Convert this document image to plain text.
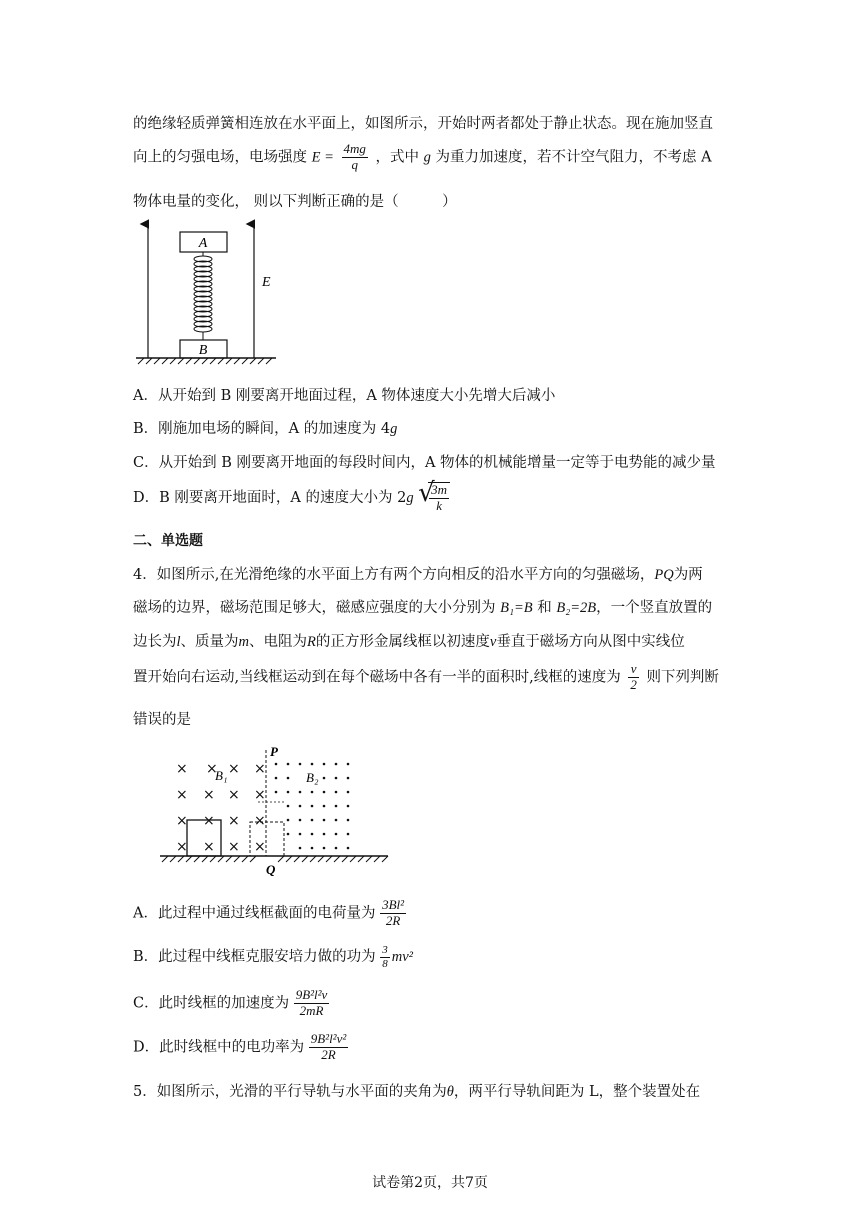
的绝缘轻质弹簧相连放在水平面上，如图所示，开始时两者都处于静止状态。现在施加竖直
向上的匀强电场，电场强度 $E = \frac{4mg}{q}$ ，式中 g 为重力加速度，若不计空气阻力，不考虑 A
物体电量的变化， 则以下判断正确的是（　　　）
A
B
E
A．从开始到 B 刚要离开地面过程，A 物体速度大小先增大后减小
B．刚施加电场的瞬间，A 的加速度为 4g
C．从开始到 B 刚要离开地面的每段时间内，A 物体的机械能增量一定等于电势能的减少量
D．B 刚要离开地面时，A 的速度大小为 2g √
$\frac{3m}{k}$
二、单选题
4．如图所示,在光滑绝缘的水平面上方有两个方向相反的沿水平方向的匀强磁场，PQ为两
磁场的边界，磁场范围足够大，磁感应强度的大小分别为 B₁=B 和 B₂=2B，一个竖直放置的
边长为l、质量为m、电阻为R的正方形金属线框以初速度v垂直于磁场方向从图中实线位
置开始向右运动,当线框运动到在每个磁场中各有一半的面积时,线框的速度为 $\frac{v}{2}$ 则下列判断
错误的是
× × × ×
× × × ×
× × × ×
× × × ×
P
Q
B₁	B₂
A．此过程中通过线框截面的电荷量为 $\frac{\text{3Bl²}}{2R}$
B．此过程中线框克服安培力做的功为 $\frac{3}{8} mv^2$
C．此时线框的加速度为 $\frac{\text{9B²l²v}}{2mR}$
D．此时线框中的电功率为 $\frac{\text{9B²l²v²}}{2R}$
5．如图所示，光滑的平行导轨与水平面的夹角为θ，两平行导轨间距为 L，整个装置处在
试卷第2页，共7页
